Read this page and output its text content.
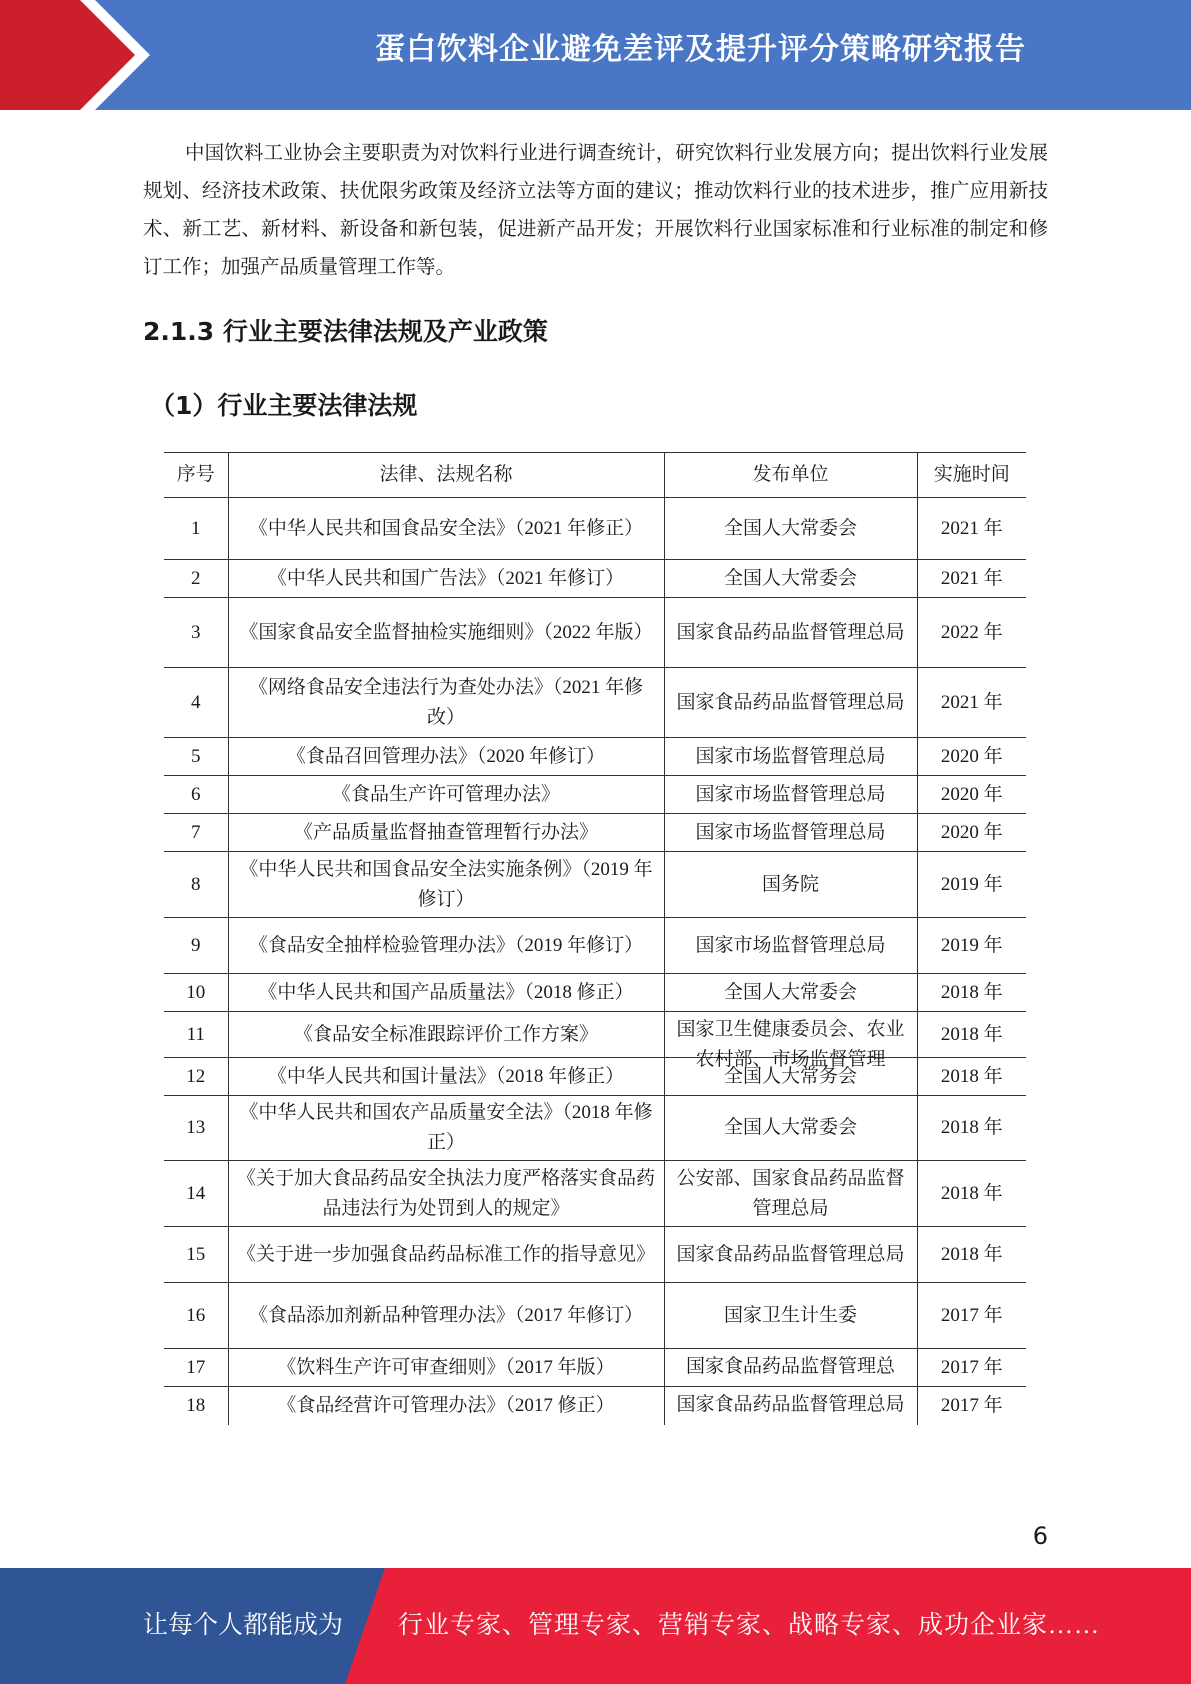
蛋白饮料企业避免差评及提升评分策略研究报告

中国饮料工业协会主要职责为对饮料行业进行调查统计，研究饮料行业发展方向；提出饮料行业发展规划、经济技术政策、扶优限劣政策及经济立法等方面的建议；推动饮料行业的技术进步，推广应用新技术、新工艺、新材料、新设备和新包装，促进新产品开发；开展饮料行业国家标准和行业标准的制定和修订工作；加强产品质量管理工作等。

2.1.3 行业主要法律法规及产业政策
（1）行业主要法律法规
序号	法律、法规名称	发布单位	实施时间
1	《中华人民共和国食品安全法》（2021 年修正）	全国人大常委会	2021 年
2	《中华人民共和国广告法》（2021 年修订）	全国人大常委会	2021 年
3	《国家食品安全监督抽检实施细则》（2022 年版）	国家食品药品监督管理总局	2022 年
4	《网络食品安全违法行为查处办法》（2021 年修改）	国家食品药品监督管理总局	2021 年
5	《食品召回管理办法》（2020 年修订）	国家市场监督管理总局	2020 年
6	《食品生产许可管理办法》	国家市场监督管理总局	2020 年
7	《产品质量监督抽查管理暂行办法》	国家市场监督管理总局	2020 年
8	《中华人民共和国食品安全法实施条例》（2019 年修订）	国务院	2019 年
9	《食品安全抽样检验管理办法》（2019 年修订）	国家市场监督管理总局	2019 年
10	《中华人民共和国产品质量法》（2018 修正）	全国人大常委会	2018 年
11	《食品安全标准跟踪评价工作方案》	国家卫生健康委员会、农业农村部、市场监督管理	2018 年
12	《中华人民共和国计量法》（2018 年修正）	全国人大常务会	2018 年
13	《中华人民共和国农产品质量安全法》（2018 年修正）	全国人大常委会	2018 年
14	《关于加大食品药品安全执法力度严格落实食品药品违法行为处罚到人的规定》	公安部、国家食品药品监督管理总局	2018 年
15	《关于进一步加强食品药品标准工作的指导意见》	国家食品药品监督管理总局	2018 年
16	《食品添加剂新品种管理办法》（2017 年修订）	国家卫生计生委	2017 年
17	《饮料生产许可审查细则》（2017 年版）	国家食品药品监督管理总	2017 年
18	《食品经营许可管理办法》（2017 修正）	国家食品药品监督管理总局	2017 年
6
让每个人都能成为 行业专家、管理专家、营销专家、战略专家、成功企业家……
